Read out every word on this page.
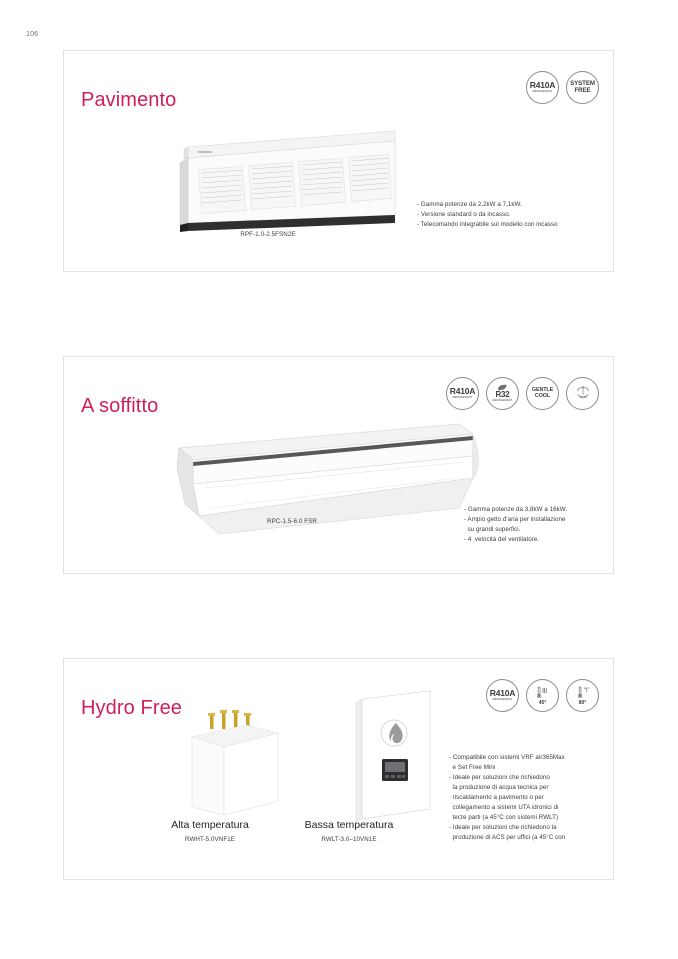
106
Pavimento
R410A
REFRIGERANT
SYSTEM
FREE
RPF-1.0-2.5FSN2E
- Gamma potenze da 2,2kW a 7,1kW.
- Versione standard o da incasso.
- Telecomando integrabile sul modello con incasso
A soffitto
R410A
REFRIGERANT	R32
REFRIGERANT
GENTLE
COOL
RPC-1.5-6.0 FSR
- Gamma potenze da 3,8kW a 16kW.
- Ampio getto d'aria per installazione
su grandi superfici.
- 4  velocità del ventilatore.
Hydro Free
R410A
REFRIGERANT
45°
ECO
80°
Alta temperatura
RWHT-5.0VNF1E
Bassa temperatura
RWLT-3.0–10VN1E
- Compatibile con sistemi VRF air365Max
e Set Free Mini
- Ideale per soluzioni che richiedono
la produzione di acqua tecnica per
riscaldamento a pavimento o per
collegamento a sistemi UTA idronici di
terze parti (a 45°C con sistemi RWLT)
- Ideale per soluzioni che richiedono la
produzione di ACS per uffici (a 45°C con
